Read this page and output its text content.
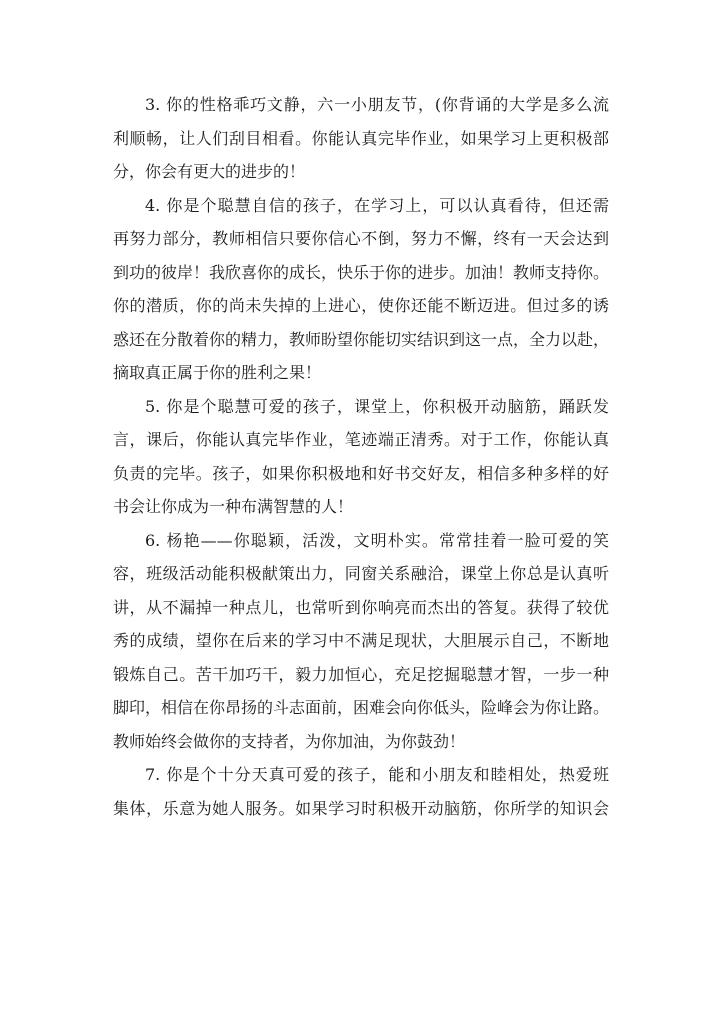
3. 你的性格乖巧文静，六一小朋友节，(你背诵的大学是多么流
利顺畅，让人们刮目相看。你能认真完毕作业，如果学习上更积极部
分，你会有更大的进步的！
4. 你是个聪慧自信的孩子，在学习上，可以认真看待，但还需
再努力部分，教师相信只要你信心不倒，努力不懈，终有一天会达到
到功的彼岸！我欣喜你的成长，快乐于你的进步。加油！教师支持你。
你的潜质，你的尚未失掉的上进心，使你还能不断迈进。但过多的诱
惑还在分散着你的精力，教师盼望你能切实结识到这一点，全力以赴，
摘取真正属于你的胜利之果！
5. 你是个聪慧可爱的孩子，课堂上，你积极开动脑筋，踊跃发
言，课后，你能认真完毕作业，笔迹端正清秀。对于工作，你能认真
负责的完毕。孩子，如果你积极地和好书交好友，相信多种多样的好
书会让你成为一种布满智慧的人！
6. 杨艳——你聪颖，活泼，文明朴实。常常挂着一脸可爱的笑
容，班级活动能积极献策出力，同窗关系融洽，课堂上你总是认真听
讲，从不漏掉一种点儿，也常听到你响亮而杰出的答复。获得了较优
秀的成绩，望你在后来的学习中不满足现状，大胆展示自己，不断地
锻炼自己。苦干加巧干，毅力加恒心，充足挖掘聪慧才智，一步一种
脚印，相信在你昂扬的斗志面前，困难会向你低头，险峰会为你让路。
教师始终会做你的支持者，为你加油，为你鼓劲！
7. 你是个十分天真可爱的孩子，能和小朋友和睦相处，热爱班
集体，乐意为她人服务。如果学习时积极开动脑筋，你所学的知识会
